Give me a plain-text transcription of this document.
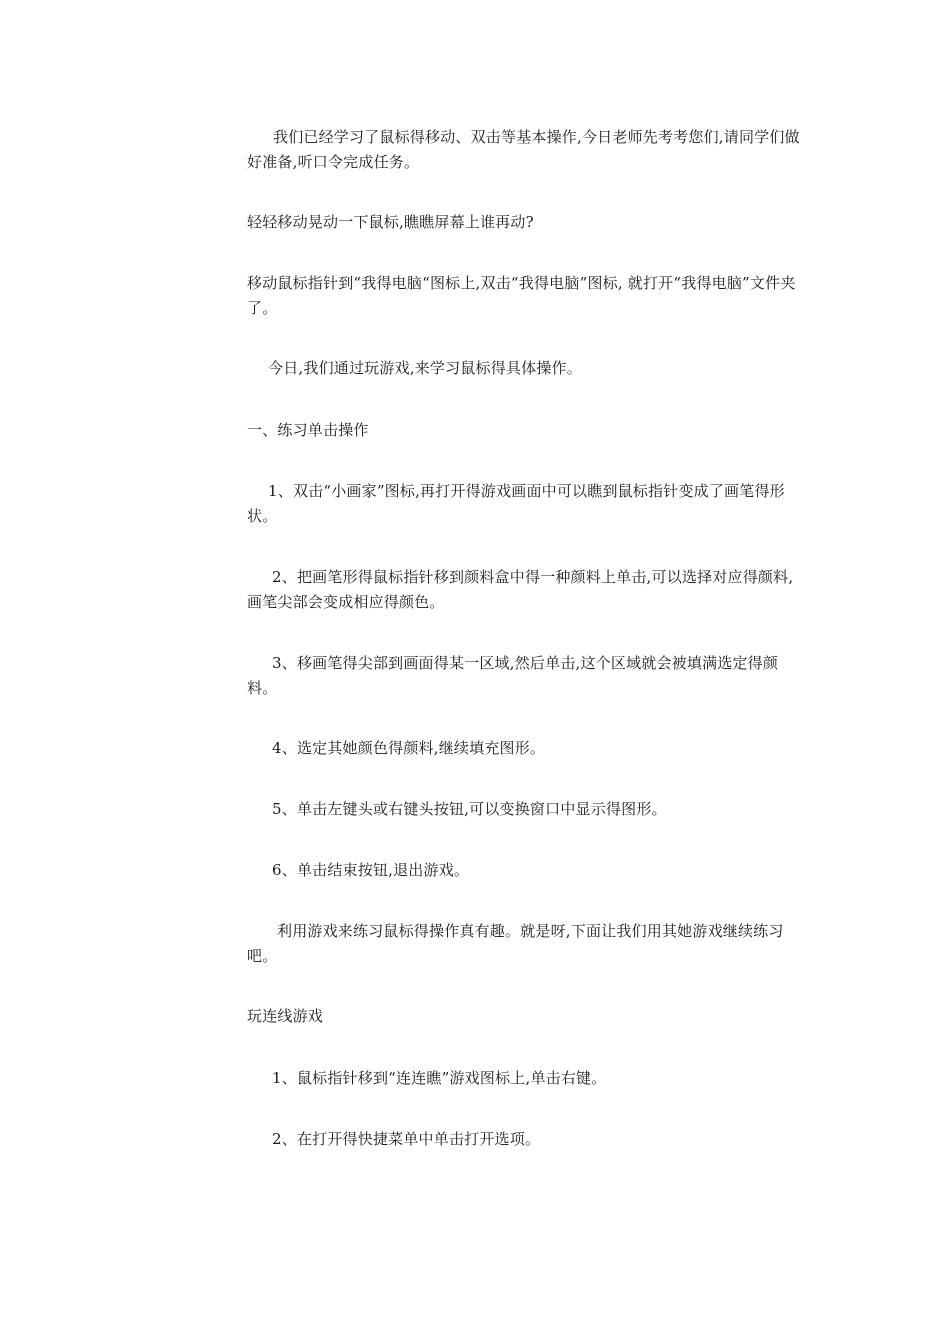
我们已经学习了鼠标得移动、双击等基本操作,今日老师先考考您们,请同学们做好准备,听口令完成任务。

轻轻移动晃动一下鼠标,瞧瞧屏幕上谁再动?

移动鼠标指针到“我得电脑“图标上,双击“我得电脑”图标, 就打开“我得电脑”文件夹了。

今日,我们通过玩游戏,来学习鼠标得具体操作。

一、练习单击操作

1、双击“小画家”图标,再打开得游戏画面中可以瞧到鼠标指针变成了画笔得形状。

2、把画笔形得鼠标指针移到颜料盒中得一种颜料上单击,可以选择对应得颜料,画笔尖部会变成相应得颜色。

3、移画笔得尖部到画面得某一区域,然后单击,这个区域就会被填满选定得颜料。

4、选定其她颜色得颜料,继续填充图形。

5、单击左键头或右键头按钮,可以变换窗口中显示得图形。

6、单击结束按钮,退出游戏。

利用游戏来练习鼠标得操作真有趣。就是呀,下面让我们用其她游戏继续练习吧。

玩连线游戏

1、鼠标指针移到“连连瞧”游戏图标上,单击右键。

2、在打开得快捷菜单中单击打开选项。
